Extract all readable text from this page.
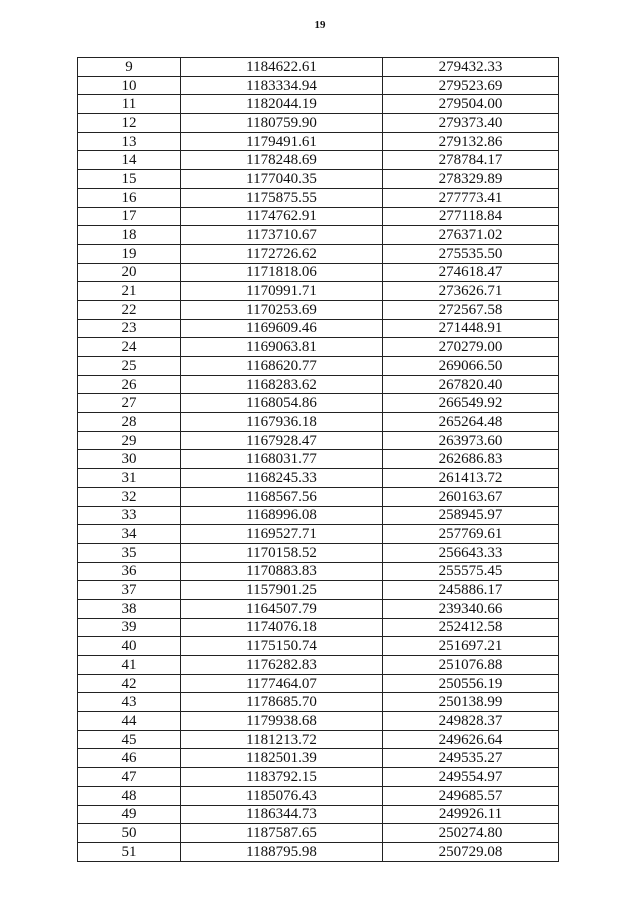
19
9	1184622.61	279432.33
10	1183334.94	279523.69
11	1182044.19	279504.00
12	1180759.90	279373.40
13	1179491.61	279132.86
14	1178248.69	278784.17
15	1177040.35	278329.89
16	1175875.55	277773.41
17	1174762.91	277118.84
18	1173710.67	276371.02
19	1172726.62	275535.50
20	1171818.06	274618.47
21	1170991.71	273626.71
22	1170253.69	272567.58
23	1169609.46	271448.91
24	1169063.81	270279.00
25	1168620.77	269066.50
26	1168283.62	267820.40
27	1168054.86	266549.92
28	1167936.18	265264.48
29	1167928.47	263973.60
30	1168031.77	262686.83
31	1168245.33	261413.72
32	1168567.56	260163.67
33	1168996.08	258945.97
34	1169527.71	257769.61
35	1170158.52	256643.33
36	1170883.83	255575.45
37	1157901.25	245886.17
38	1164507.79	239340.66
39	1174076.18	252412.58
40	1175150.74	251697.21
41	1176282.83	251076.88
42	1177464.07	250556.19
43	1178685.70	250138.99
44	1179938.68	249828.37
45	1181213.72	249626.64
46	1182501.39	249535.27
47	1183792.15	249554.97
48	1185076.43	249685.57
49	1186344.73	249926.11
50	1187587.65	250274.80
51	1188795.98	250729.08
